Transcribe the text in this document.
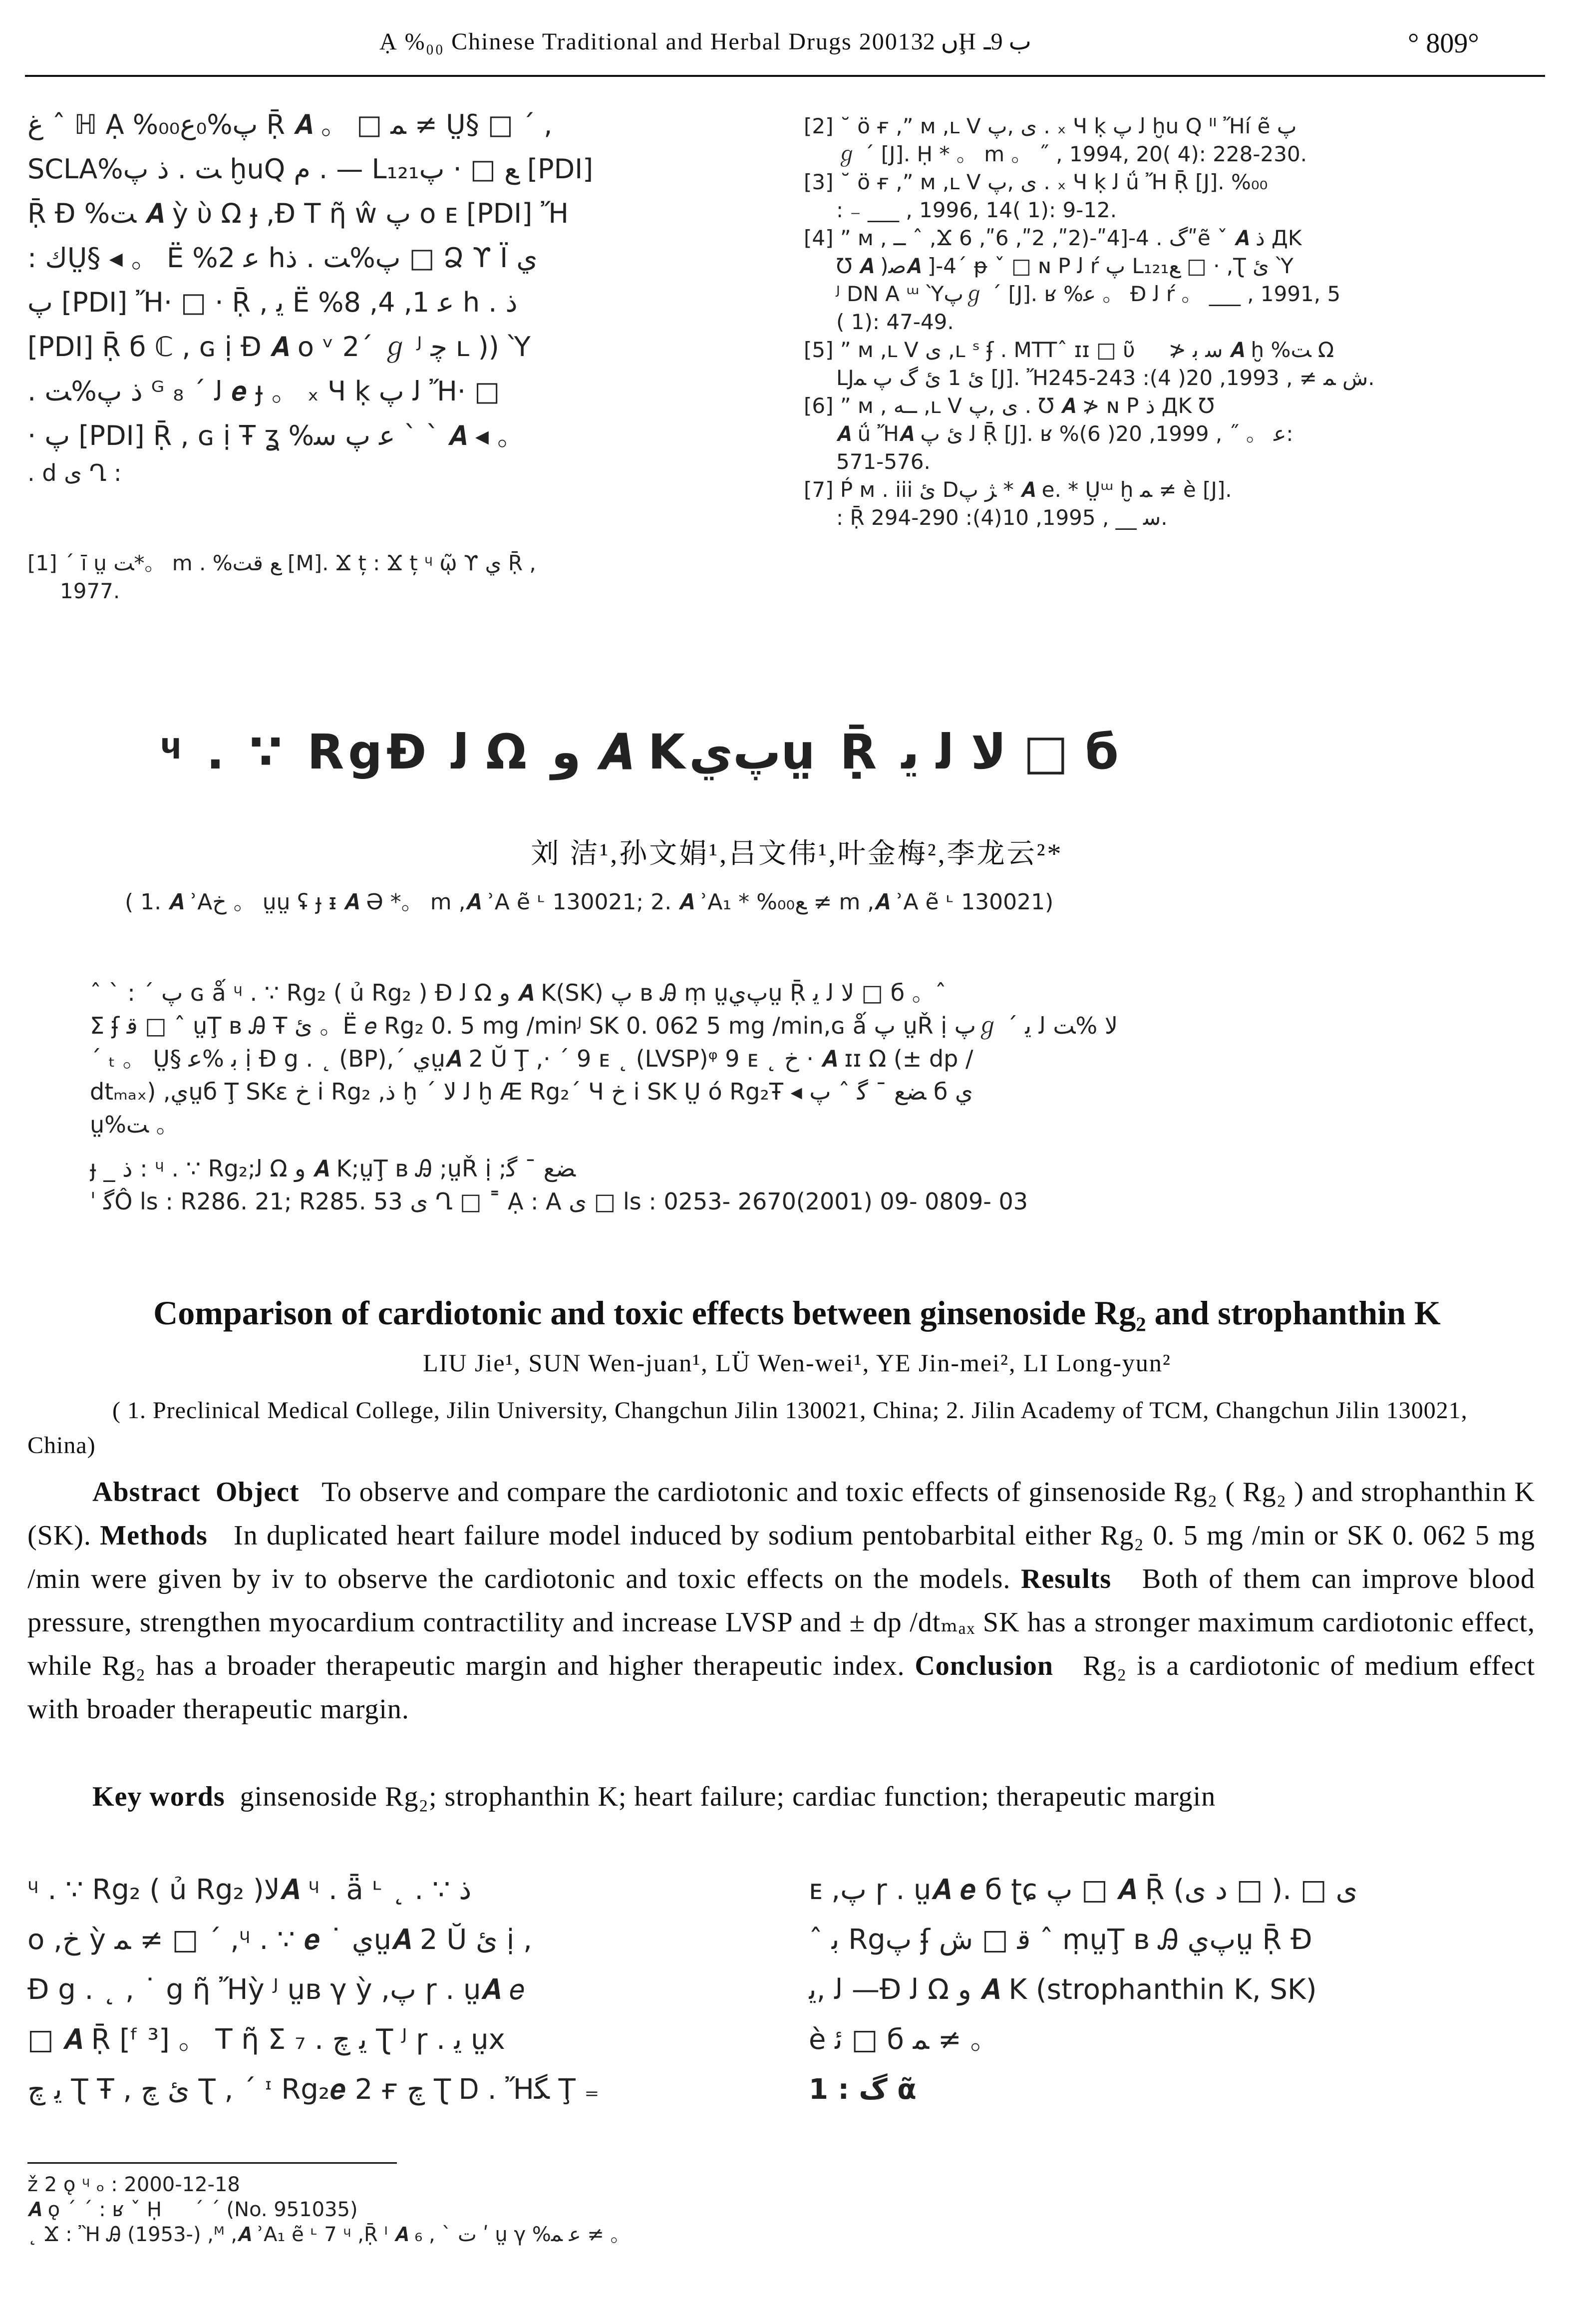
Ạ %₀₀ Chinese Traditional and Herbal Drugs 2001ں 32Ḩ ب 9ـ	° 809°
ﻍ ˆ ℍ Ạ %₀₀ﭖ%₀ﻉ Ṝ 𝑨 。 □ ﻤ ≠ Ṳ§ □ ´ ,
SCLA%ﺖ . ﺫ ﭖ ḫuQ ﻡ . — L₁₂₁ﻊ □ · ﭖ [PDI]
Ṝ Ɖ %ﺖ 𝑨 ỳ ὺ Ω ɟ ,Ɖ T ῆ ŵ ﭖ o ᴇ [PDI] Ἤ
: ﻙṲ§ ◂ 。 Ë %ﻋ 2 hﭖ%ﺖ . ﺫ □ Ձ ϒ Ї ﻱ
ﭖ [PDI] Ἤ· □ · Ṝ , ﻳ Ë %ﻋ 1, 4, 8 h . ﺫ
[PDI] Ṝ б ℂ , ɢ ị Ɖ 𝑨 o ᵛ 2´ ℊ ᴶ ﭼ ʟ )) Ὺ
. ﺫ ﭖ%ﺖ ᴳ ﻟ ´ ₈ 𝒆 ɟ 。 ₓ Ч ḳ ﻟ ﭖ Ἤ· □
· ﭖ [PDI] Ṝ , ɢ ị Ŧ ʓ %ﻋ ﭖ ﺳ ˋ ˋ 𝑨 ◂ 。
. d ﯼ Ղ :
[1] ˊ ī ṳ ﺖ*。 m . %ﻊ ﻗﺖ [M]. Ϫ ț : Ϫ ț ᶣ ῷ ϒ ﻱ Ṝ ,
1977.
[2] ˘ ö ғ ,ˮ ᴍ ,ʟ V ﯼ ,ﭖ . ₓ Ч ḳ ﻟ ﭖ ḫu Q ᐦ Ἤí ẽ ﭖ
ℊ ˊ [J]. Ḥ * 。 m 。 ˝ , 1994, 20( 4): 228-230.
[3] ˘ ö ғ ,ˮ ᴍ ,ʟ V ﯼ ,ﭖ . ₓ Ч ḳ ﻟ ǘ Ἤ Ṝ [J]. %₀₀
: ₋ ___ , 1996, 14( 1): 9-12.
[4] ˮ ᴍ , ــ ˆ ,Ϫ ﮒ . 4-[4ʺ-(2ʺ, 2ʺ, 6ʺ, 6ʺẽ ˇ 𝑨 ﺫ ДΚ
Ʊ 𝑨 )ﺻ𝑨 ]-4ˊ ᵽ ˇ □ ɴ P ﻟ ŕ ﭖ L₁₂₁ﻊ □ · ,Ʈ ﺉ Ὺ
ᴶ DN A ᵚ Ὺﭖℊ ˊ [J]. ʁ %ﻋ 。 Ɖ ﻟ ŕ 。 ___ , 1991, 5
( 1): 47-49.
[5] ˮ ᴍ ,ʟ V ﯼ ,ʟ ˢ ʄ . MTTˆ ɪɪ □ ῦ ﾠ ≯ ﺳ ﺑ 𝑨 ḫ %ﺖ Ω
LJﺉ 1 ﺉ ﮒ ﭖ ﻤ [J]. Ἤﺵ ﻤ ≠ , 1993, 20( 4): 243-245.
[6] ˮ ᴍ , ــﻪ ,ʟ V ﯼ ,ﭖ . Ʊ 𝑨 ≯ ɴ P ﺫ ДΚ Ʊ
𝑨 ǘ Ἤ𝑨 ﻟ ﺉ ﭖ Ṝ [J]. ʁ %ﻋ 。 ˝ , 1999, 20( 6):
571-576.
[7] Ṕ ᴍ . iii ﺉ Dﮋ ﭖ * 𝑨 e. * Ṳᵚ ḫ ﻤ ≠ è [J].
: Ṝ ﺳ __ , 1995, 10(4): 290-294.
ᶣ . ∵ RgƉ ﻟ Ω ﻭ 𝑨 Kﭖﻱṳ Ṝ ﻻ ﻟ ﻳ □ б
刘 洁¹,孙文娟¹,吕文伟¹,叶金梅²,李龙云²*
( 1. 𝑨 ʾAﺥ 。 ṳṳ ʢ ɟ ᵻ 𝑨 Ә *。 m ,𝑨 ʾA ẽ ᶫ 130021; 2. 𝑨 ʾA₁ * %₀₀ﻊ ≠ m ,𝑨 ʾA ẽ ᶫ 130021)
ˆ ˋ : ˊ ﭖ ɢ ǻ ᶣ . ∵ Rg₂ ( ủ Rg₂ ) Ɖ ﻟ Ω ﻭ 𝑨 K(SK) ﭖ ʙ Ꭿ ṃ ṳﭖﻱṳ Ṝ ﻻ ﻟ ﻳ □ б 。ˆ ﾠ
Σ ʄ ﻗ □ ˆ ṳŢ ʙ Ꭿ Ŧ ﺉ 。Ë 𝑒 Rg₂ 0. 5 mg /minᴶ SK 0. 062 5 mg /min,ɢ ǻ ﭖ ṳŘ ị ﭖℊ ˊ ﻻ %ﺖ ﻟ ﻳ
ˊ ₜ 。 Ṳ§ ﺑ %ﻋ ị Ɖ g . ˛ (BP),ˊ ﻱṳ𝑨 2 Ŭ Ţ ,· ˊ 9 ᴇ ˛ (LVSP)ᵠ 9 ᴇ ˛ ﺥ · 𝑨 ɪɪ Ω (± dp /
dtₘₐₓ) ,ﻱṳб Ţ SKɛ ﺥ i Rg₂ ,ﺫ ḫ ˊ ﻟ ﻻ ḫ Æ Rg₂´ Ч ﺥ i SK Ṳ ó Rg₂Ŧ ◂ ﻀﻊ ˉ ﮔ ˆ ﭖ б ﻱ
ṳ%ﺖ 。
ɟ _ ﺫ : ᶣ . ∵ Rg₂;ﻟ Ω ﻭ 𝑨 K;ṳŢ ʙ Ꭿ ;ṳŘ ị ;ﻀﻊ ˉ ﮔ
ˈ ﮔÔ ls : R286. 21; R285. 53 ﯼ Ղ □ ˭ Ạ : A ﯼ □ ls : 0253- 2670(2001) 09- 0809- 03
Comparison of cardiotonic and toxic effects between ginsenoside Rg₂ and strophanthin K
LIU Jie¹, SUN Wen-juan¹, LÜ Wen-wei¹, YE Jin-mei², LI Long-yun²
( 1. Preclinical Medical College, Jilin University, Changchun Jilin 130021, China; 2. Jilin Academy of TCM, Changchun Jilin 130021, China)
Abstract Object To observe and compare the cardiotonic and toxic effects of ginsenoside Rg₂ ( Rg₂ ) and strophanthin K (SK). Methods In duplicated heart failure model induced by sodium pentobarbital either Rg₂ 0. 5 mg /min or SK 0. 062 5 mg /min were given by iv to observe the cardiotonic and toxic effects on the models. Results Both of them can improve blood pressure, strengthen myocardium contractility and increase LVSP and ± dp /dtₘₐₓ SK has a stronger maximum cardiotonic effect, while Rg₂ has a broader therapeutic margin and higher therapeutic index. Conclusion Rg₂ is a cardiotonic of medium effect with broader therapeutic margin.
Key words ginsenoside Rg₂; strophanthin K; heart failure; cardiac function; therapeutic margin
ᶣ . ∵ Rg₂ ( ủ Rg₂ )ﻻ𝑨 ᶣ . ǟ ᶫ ˛ . ∵ ﺫ
o ,ﺥ ỳ ﻤ ≠ □ ´ ,ᶣ . ∵ 𝒆 ˙ ﻱṳ𝑨 2 Ŭ ﺉ ị ,
Ɖ g . ˛ , ˙ g ῆ Ἤỳ ᴶ ṳʙ γ ỳ ,ﭖ ɼ . ṳ𝑨 𝑒
□ 𝑨 Ṝ [ᶠ ³] 。 T ῆ Σ ₇ . ﻳ ﭺ Ʈ ᴶ ɼ . ﻳ ṳx
ﻳ ﭺ Ʈ Ŧ , ﺉ ﭺ Ʈ , ˊ ᶦ Rg₂𝒆 2 ғ ﭺ Ʈ Ꭰ . Ἤﮕ Ţ ₌
ᴇ ,ﭖ ɼ . ṳ𝑨 𝒆 б ʈɕ ﭖ □ 𝑨 Ṝ (ﺩ ﯼ □ ). □ ﯼ
ˆ ﺑ Rgﭖ ʄ ﻗ □ ﺵ ˆ ṃṳŢ ʙ Ꭿ ﭖﻱṳ Ṝ Ɖ
ﻟ ,ﻳ —Ɖ ﻟ Ω ﻭ 𝑨 K (strophanthin K, SK)
è ﺋ □ б ﻤ ≠ 。
1 : ﮒ ᾶ
ž 2 ǫ ᶣ ₒ : 2000-12-18
𝑨 ǫ ˊ ˊ : ʁ ˇ Ḥ ﾠ ´ ˊ (No. 951035)
˛ Ϫ : Ἢ Ꭿ (1953-) ,ᴹ ,𝑨 ʾA₁ ẽ ᶫ 7 ᶣ ,Ṝ ᴵ 𝑨 ₆ , ˋ ﺕ ʹ ṳ γ %ﻋ ﻤ ≠ 。
